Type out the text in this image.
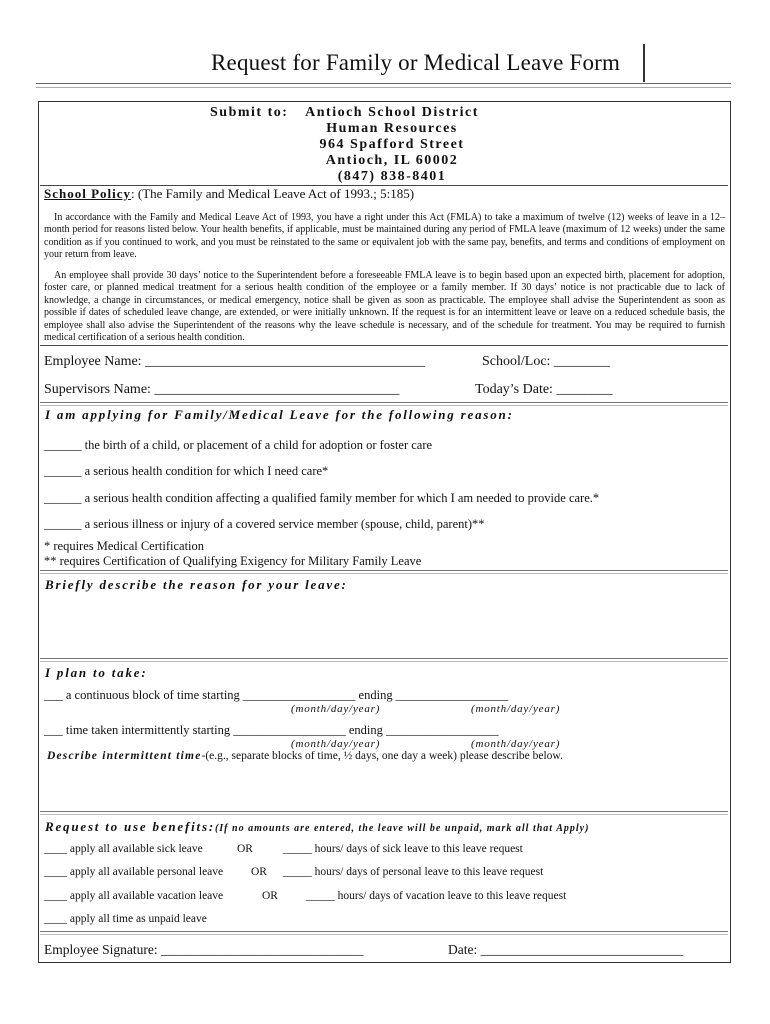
Request for Family or Medical Leave Form
Submit to:	Antioch School District
Human Resources
964 Spafford Street
Antioch, IL 60002
(847) 838-8401
School Policy: (The Family and Medical Leave Act of 1993.; 5:185)
In accordance with the Family and Medical Leave Act of 1993, you have a right under this Act (FMLA) to take a maximum of twelve (12) weeks of leave in a 12–month period for reasons listed below. Your health benefits, if applicable, must be maintained during any period of FMLA leave (maximum of 12 weeks) under the same condition as if you continued to work, and you must be reinstated to the same or equivalent job with the same pay, benefits, and terms and conditions of employment on your return from leave.
An employee shall provide 30 days’ notice to the Superintendent before a foreseeable FMLA leave is to begin based upon an expected birth, placement for adoption, foster care, or planned medical treatment for a serious health condition of the employee or a family member. If 30 days’ notice is not practicable due to lack of knowledge, a change in circumstances, or medical emergency, notice shall be given as soon as practicable. The employee shall advise the Superintendent as soon as possible if dates of scheduled leave change, are extended, or were initially unknown. If the request is for an intermittent leave or leave on a reduced schedule basis, the employee shall also advise the Superintendent of the reasons why the leave schedule is necessary, and of the schedule for treatment. You may be required to furnish medical certification of a serious health condition.
Employee Name: ________________________________________	School/Loc: ________
Supervisors Name: ___________________________________	Today’s Date: ________
I am applying for Family/Medical Leave for the following reason:
______ the birth of a child, or placement of a child for adoption or foster care
______ a serious health condition for which I need care*
______ a serious health condition affecting a qualified family member for which I am needed to provide care.*
______ a serious illness or injury of a covered service member (spouse, child, parent)**
* requires Medical Certification
** requires Certification of Qualifying Exigency for Military Family Leave
Briefly describe the reason for your leave:
I plan to take:
___ a continuous block of time starting __________________ ending __________________
(month/day/year)	(month/day/year)
___ time taken intermittently starting __________________ ending __________________
(month/day/year)	(month/day/year)
Describe intermittent time-(e.g., separate blocks of time, ½ days, one day a week) please describe below.
Request to use benefits:(If no amounts are entered, the leave will be unpaid, mark all that Apply)
____ apply all available sick leave	OR	_____ hours/ days of sick leave to this leave request
____ apply all available personal leave OR _____ hours/ days of personal leave to this leave request
____ apply all available vacation leave	OR _____ hours/ days of vacation leave to this leave request
____ apply all time as unpaid leave
Employee Signature: ______________________________	Date: ______________________________
